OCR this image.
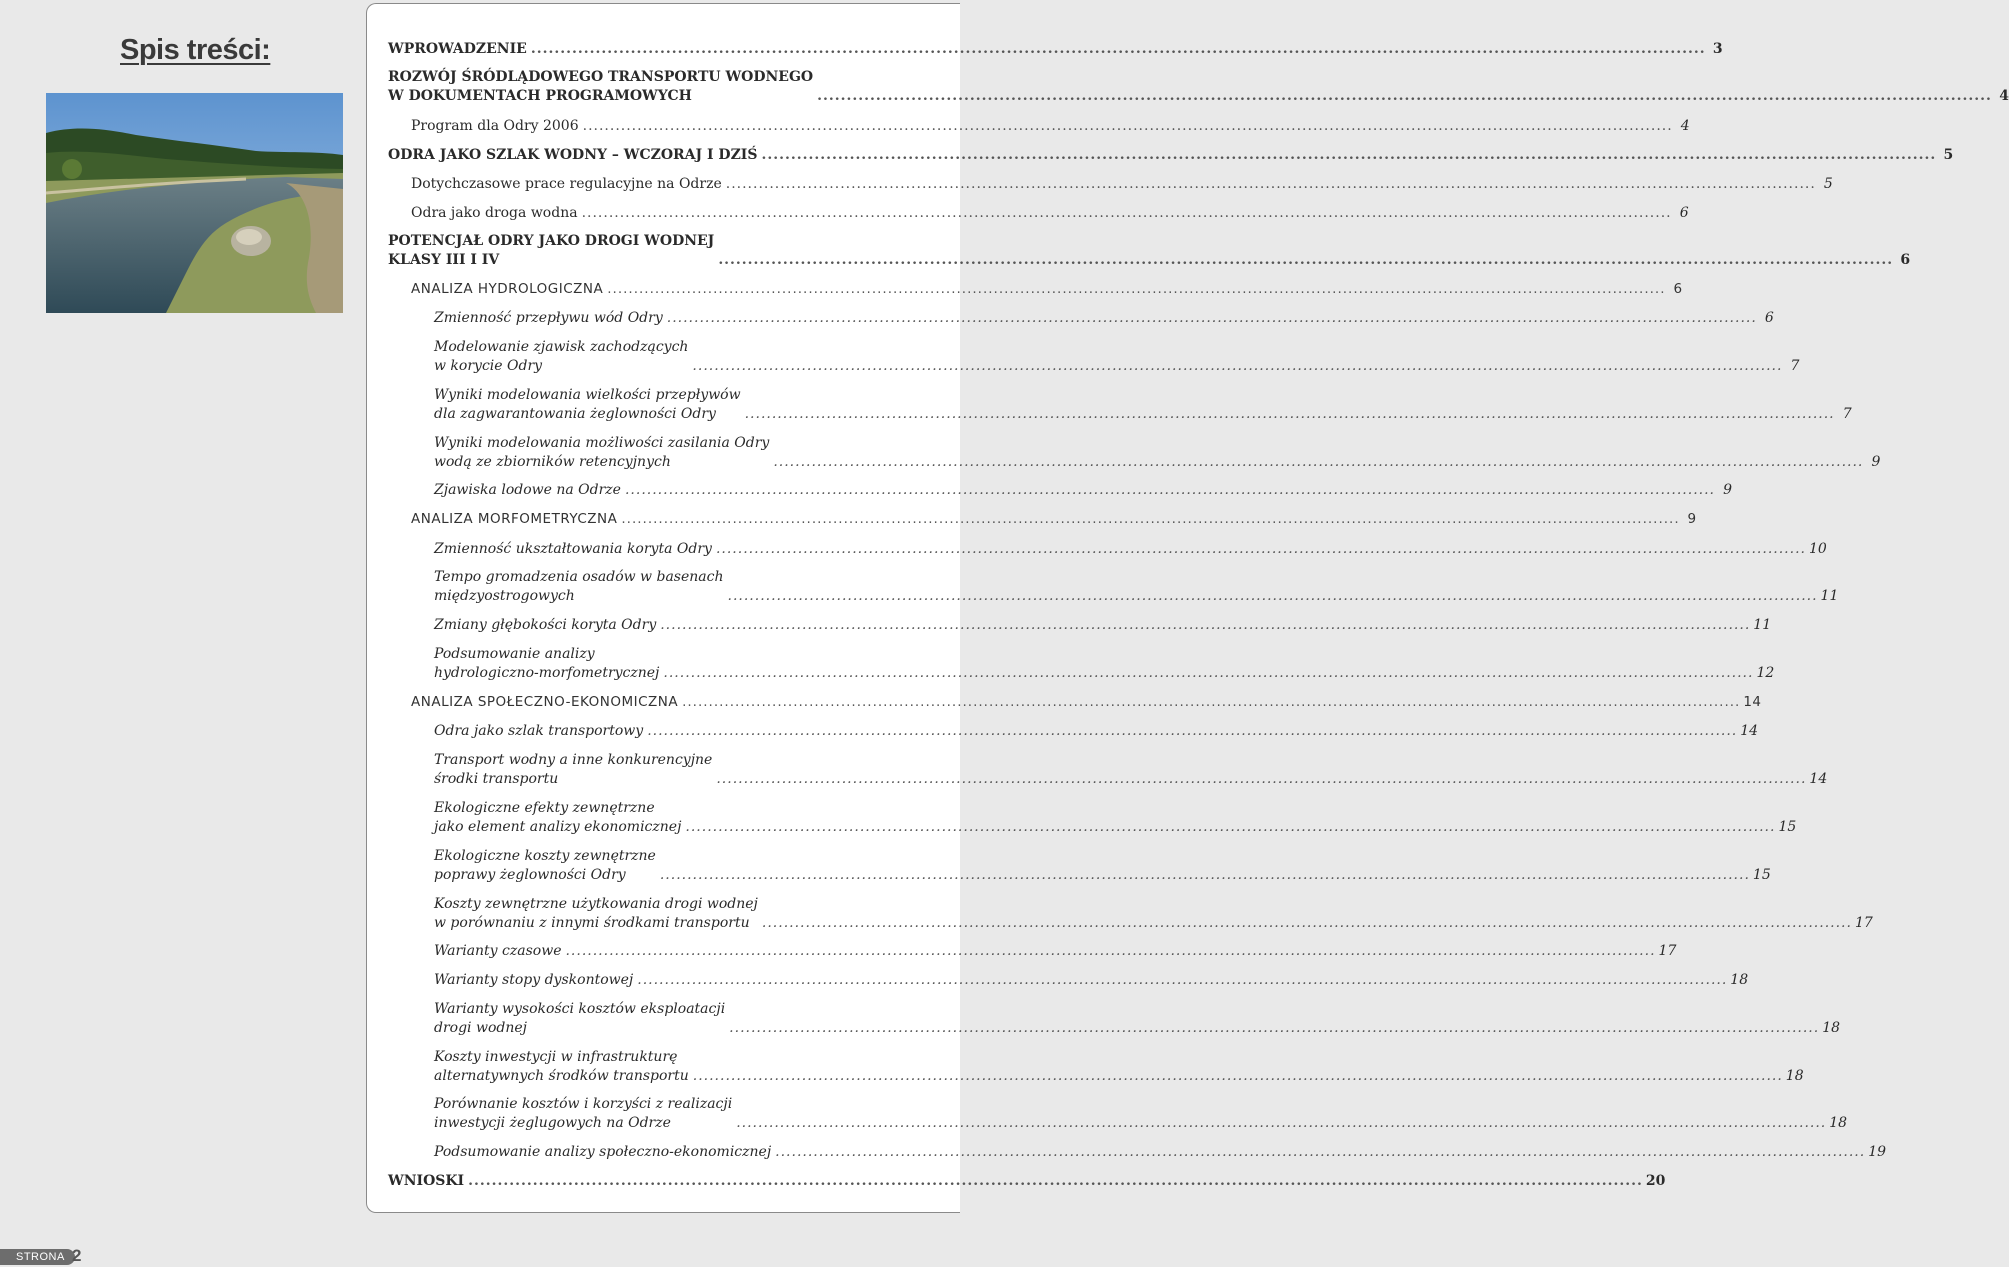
Spis treści:	WPROWADZENIE ........................................................................................................................................................................................................ 3
ROZWÓJ ŚRÓDLĄDOWEGO TRANSPORTU WODNEGO
W DOKUMENTACH PROGRAMOWYCH	........................................................................................................................................................................................................ 4
Program dla Odry 2006 ........................................................................................................................................................................................................ 4
ODRA JAKO SZLAK WODNY – WCZORAJ I DZIŚ ........................................................................................................................................................................................................ 5
Dotychczasowe prace regulacyjne na Odrze ........................................................................................................................................................................................................ 5
Odra jako droga wodna ........................................................................................................................................................................................................ 6
POTENCJAŁ ODRY JAKO DROGI WODNEJ
KLASY III I IV	........................................................................................................................................................................................................ 6
ANALIZA HYDROLOGICZNA ........................................................................................................................................................................................................ 6
Zmienność przepływu wód Odry ........................................................................................................................................................................................................ 6
Modelowanie zjawisk zachodzących
w korycie Odry	........................................................................................................................................................................................................ 7
Wyniki modelowania wielkości przepływów
dla zagwarantowania żeglowności Odry	........................................................................................................................................................................................................ 7
Wyniki modelowania możliwości zasilania Odry
wodą ze zbiorników retencyjnych	........................................................................................................................................................................................................ 9
Zjawiska lodowe na Odrze ........................................................................................................................................................................................................ 9
ANALIZA MORFOMETRYCZNA ........................................................................................................................................................................................................ 9
Zmienność ukształtowania koryta Odry ........................................................................................................................................................................................................ 10
Tempo gromadzenia osadów w basenach
międzyostrogowych	........................................................................................................................................................................................................ 11
Zmiany głębokości koryta Odry ........................................................................................................................................................................................................ 11
Podsumowanie analizy
hydrologiczno-morfometrycznej ........................................................................................................................................................................................................ 12
ANALIZA SPOŁECZNO-EKONOMICZNA ........................................................................................................................................................................................................ 14
Odra jako szlak transportowy ........................................................................................................................................................................................................ 14
Transport wodny a inne konkurencyjne
środki transportu	........................................................................................................................................................................................................ 14
Ekologiczne efekty zewnętrzne
jako element analizy ekonomicznej ........................................................................................................................................................................................................ 15
Ekologiczne koszty zewnętrzne
poprawy żeglowności Odry	........................................................................................................................................................................................................ 15
Koszty zewnętrzne użytkowania drogi wodnej
w porównaniu z innymi środkami transportu ........................................................................................................................................................................................................ 17
Warianty czasowe ........................................................................................................................................................................................................ 17
Warianty stopy dyskontowej ........................................................................................................................................................................................................ 18
Warianty wysokości kosztów eksploatacji
drogi wodnej	........................................................................................................................................................................................................ 18
Koszty inwestycji w infrastrukturę
alternatywnych środków transportu ........................................................................................................................................................................................................ 18
Porównanie kosztów i korzyści z realizacji
inwestycji żeglugowych na Odrze	........................................................................................................................................................................................................ 18
Podsumowanie analizy społeczno-ekonomicznej ........................................................................................................................................................................................................ 19
WNIOSKI ........................................................................................................................................................................................................ 20
STRONA 2
